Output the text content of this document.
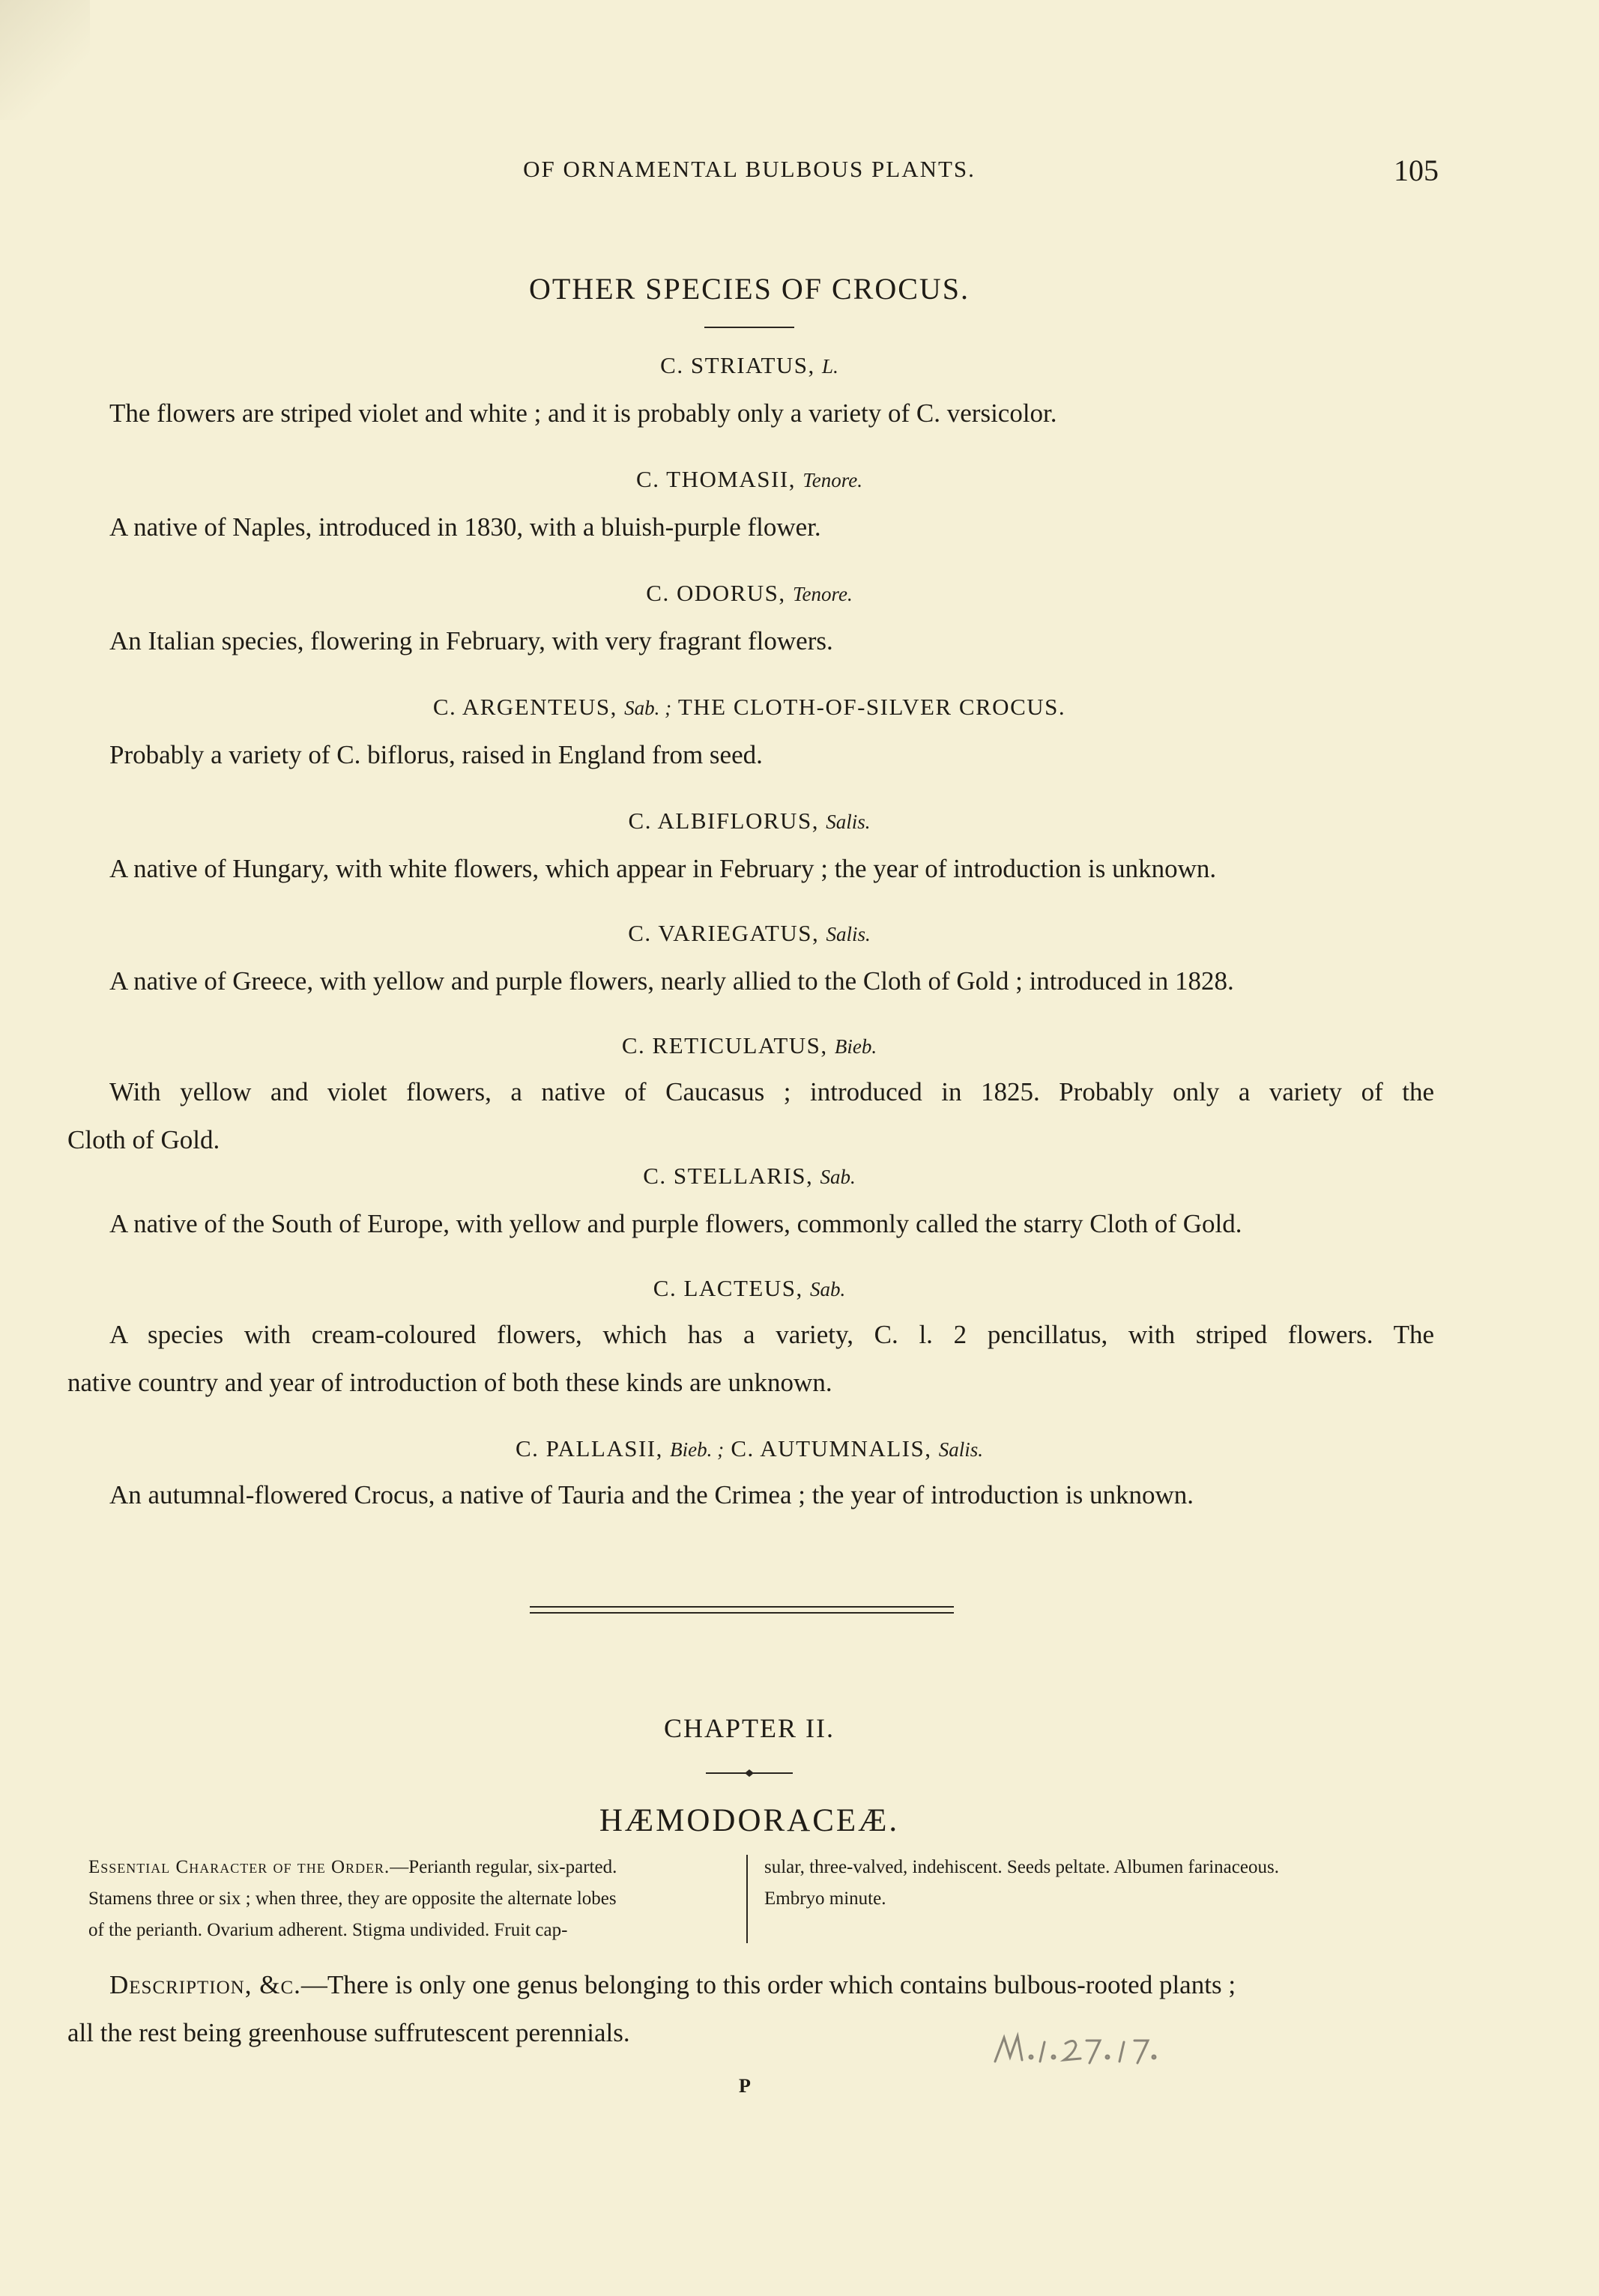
OF ORNAMENTAL BULBOUS PLANTS.	105
OTHER SPECIES OF CROCUS.
C. STRIATUS, L.
The flowers are striped violet and white ; and it is probably only a variety of C. versicolor.
C. THOMASII, Tenore.
A native of Naples, introduced in 1830, with a bluish-purple flower.
C. ODORUS, Tenore.
An Italian species, flowering in February, with very fragrant flowers.
C. ARGENTEUS, Sab. ; THE CLOTH-OF-SILVER CROCUS.
Probably a variety of C. biflorus, raised in England from seed.
C. ALBIFLORUS, Salis.
A native of Hungary, with white flowers, which appear in February ; the year of introduction is unknown.
C. VARIEGATUS, Salis.
A native of Greece, with yellow and purple flowers, nearly allied to the Cloth of Gold ; introduced in 1828.
C. RETICULATUS, Bieb.
With yellow and violet flowers, a native of Caucasus ; introduced in 1825. Probably only a variety of the
Cloth of Gold.
C. STELLARIS, Sab.
A native of the South of Europe, with yellow and purple flowers, commonly called the starry Cloth of Gold.
C. LACTEUS, Sab.
A species with cream-coloured flowers, which has a variety, C. l. 2 pencillatus, with striped flowers. The
native country and year of introduction of both these kinds are unknown.
C. PALLASII, Bieb. ; C. AUTUMNALIS, Salis.
An autumnal-flowered Crocus, a native of Tauria and the Crimea ; the year of introduction is unknown.
CHAPTER II.
HÆMODORACEÆ.
Essential Character of the Order.—Perianth regular, six-parted.
Stamens three or six ; when three, they are opposite the alternate lobes
of the perianth. Ovarium adherent. Stigma undivided. Fruit cap-
sular, three-valved, indehiscent. Seeds peltate. Albumen farinaceous.
Embryo minute.
Description, &c.—There is only one genus belonging to this order which contains bulbous-rooted plants ;
all the rest being greenhouse suffrutescent perennials.
P
